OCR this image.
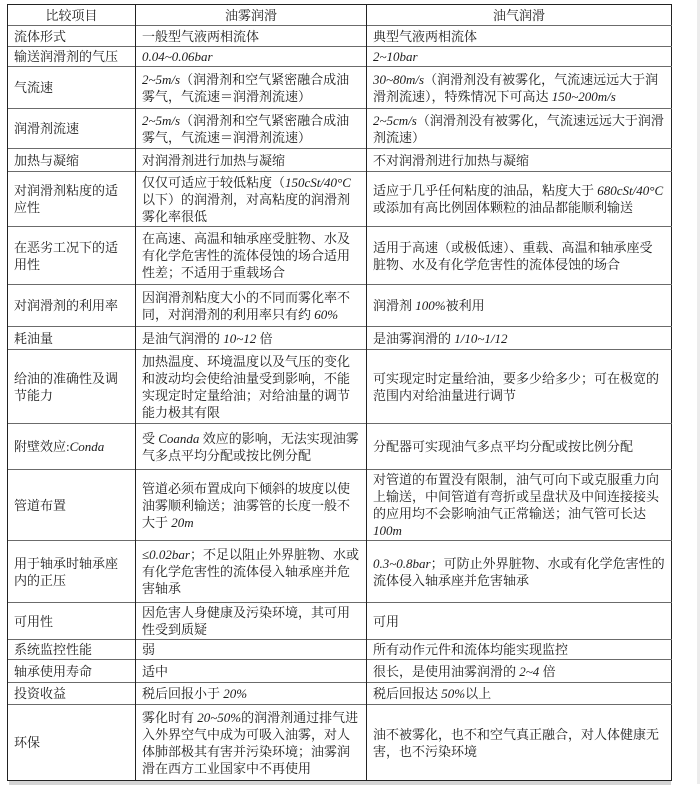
比较项目	油雾润滑	油气润滑
流体形式	一般型气液两相流体	典型气液两相流体
输送润滑剂的气压	0.04~0.06bar	2~10bar
气流速	2~5m/s（润滑剂和空气紧密融合成油雾气，气流速＝润滑剂流速）	30~80m/s（润滑剂没有被雾化，气流速远远大于润滑剂流速），特殊情况下可高达 150~200m/s
润滑剂流速	2~5m/s（润滑剂和空气紧密融合成油雾气，气流速＝润滑剂流速）	2~5cm/s（润滑剂没有被雾化，气流速远远大于润滑剂流速）
加热与凝缩	对润滑剂进行加热与凝缩	不对润滑剂进行加热与凝缩
对润滑剂粘度的适应性	仅仅可适应于较低粘度（150cSt/40°C 以下）的润滑剂，对高粘度的润滑剂雾化率很低	适应于几乎任何粘度的油品，粘度大于 680cSt/40°C 或添加有高比例固体颗粒的油品都能顺利输送
在恶劣工况下的适用性	在高速、高温和轴承座受脏物、水及有化学危害性的流体侵蚀的场合适用性差；不适用于重载场合	适用于高速（或极低速）、重载、高温和轴承座受脏物、水及有化学危害性的流体侵蚀的场合
对润滑剂的利用率	因润滑剂粘度大小的不同而雾化率不同，对润滑剂的利用率只有约 60%	润滑剂 100%被利用
耗油量	是油气润滑的 10~12 倍	是油雾润滑的 1/10~1/12
给油的准确性及调节能力	加热温度、环境温度以及气压的变化和波动均会使给油量受到影响，不能实现定时定量给油；对给油量的调节能力极其有限	可实现定时定量给油，要多少给多少；可在极宽的范围内对给油量进行调节
附壁效应:Conda	受 Coanda 效应的影响，无法实现油雾气多点平均分配或按比例分配	分配器可实现油气多点平均分配或按比例分配
管道布置	管道必须布置成向下倾斜的坡度以使油雾顺利输送；油雾管的长度一般不大于 20m	对管道的布置没有限制，油气可向下或克服重力向上输送，中间管道有弯折或呈盘状及中间连接接头的应用均不会影响油气正常输送；油气管可长达 100m
用于轴承时轴承座内的正压	≤0.02bar；不足以阻止外界脏物、水或有化学危害性的流体侵入轴承座并危害轴承	0.3~0.8bar；可防止外界脏物、水或有化学危害性的流体侵入轴承座并危害轴承
可用性	因危害人身健康及污染环境，其可用性受到质疑	可用
系统监控性能	弱	所有动作元件和流体均能实现监控
轴承使用寿命	适中	很长，是使用油雾润滑的 2~4 倍
投资收益	税后回报小于 20%	税后回报达 50%以上
环保	雾化时有 20~50%的润滑剂通过排气进入外界空气中成为可吸入油雾，对人体肺部极其有害并污染环境；油雾润滑在西方工业国家中不再使用	油不被雾化，也不和空气真正融合，对人体健康无害，也不污染环境
